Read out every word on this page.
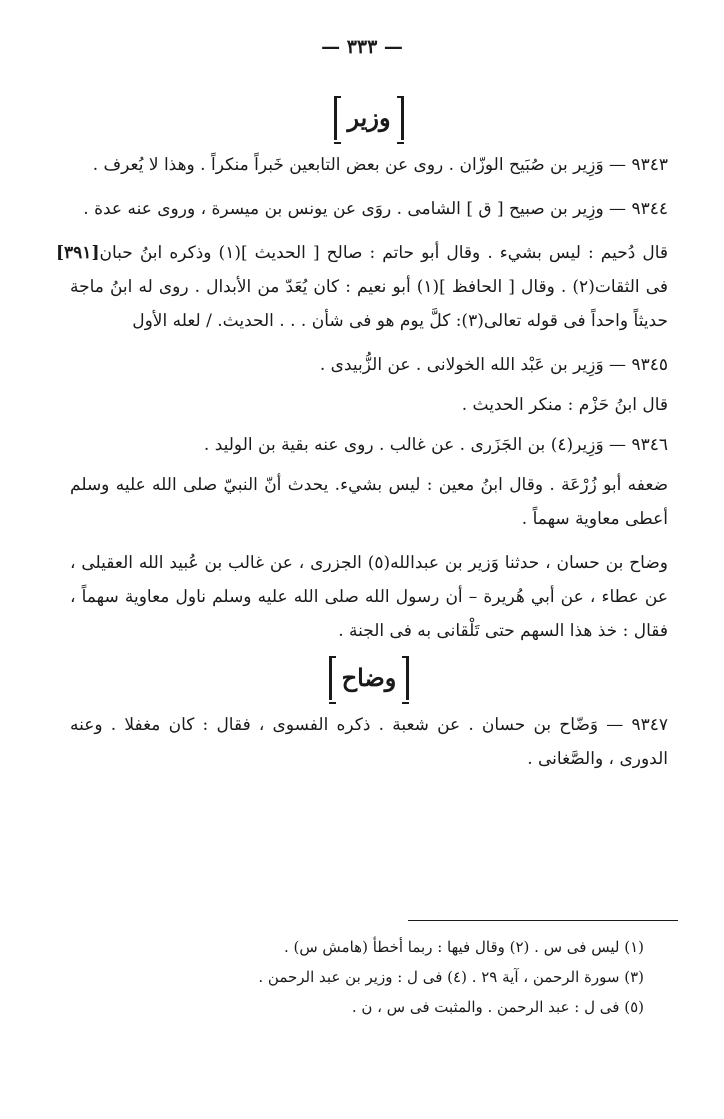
— ٣٣٣ —
وزير

٩٣٤٣ — وَزِير بن صُبَيح الوزّان . روى عن بعض التابعين خَبراً منكراً . وهذا لا يُعرف .

٩٣٤٤ — وزِير بن صبيح [ ق ] الشامى . روَى عن يونس بن ميسرة ، وروى عنه عدة .

[٣٩١] قال دُحيم : ليس بشيء . وقال أبو حاتم : صالح [ الحديث ](١) وذكره ابنُ حبان فى الثقات(٢) . وقال [ الحافظ ](١) أبو نعيم : كان يُعَدّ من الأبدال . روى له ابنُ ماجة حديثاً واحداً فى قوله تعالى(٣): كلَّ يوم هو فى شأن . . . الحديث. / لعله الأول

٩٣٤٥ — وَزِير بن عَبْد الله الخولانى . عن الزُّبيدى .

قال ابنُ حَزْم : منكر الحديث .

٩٣٤٦ — وَزِير(٤) بن الجَزَرى . عن غالب . روى عنه بقية بن الوليد .

ضعفه أبو زُرْعَة . وقال ابنُ معين : ليس بشيء. يحدث أنّ النبيّ صلى الله عليه وسلم أعطى معاوية سهماً .

وضاح بن حسان ، حدثنا وَزير بن عبدالله(٥) الجزرى ، عن غالب بن عُبيد الله العقيلى ، عن عطاء ، عن أبي هُريرة – أن رسول الله صلى الله عليه وسلم ناول معاوية سهماً ، فقال : خذ هذا السهم حتى تَلْقانى به فى الجنة .

وضاح

٩٣٤٧ — وَضّاح بن حسان . عن شعبة . ذكره الفسوى ، فقال : كان مغفلا . وعنه الدورى ، والصَّغانى .

(١) ليس فى س . (٢) وقال فيها : ربما أخطأ (هامش س) .
(٣) سورة الرحمن ، آية ٢٩ . (٤) فى ل : وزير بن عبد الرحمن .
(٥) فى ل : عبد الرحمن . والمثبت فى س ، ن .
